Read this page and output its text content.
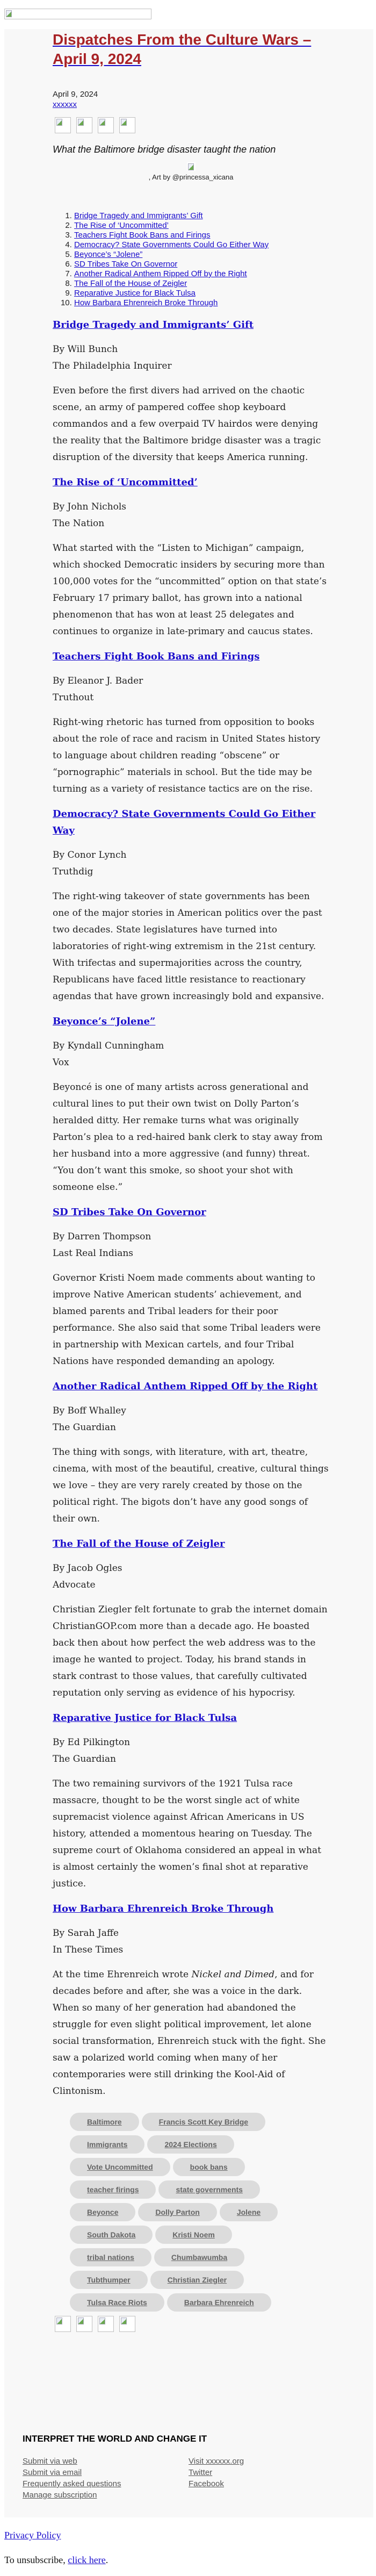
Dispatches From the Culture Wars – April 9, 2024
April 9, 2024
xxxxxx
What the Baltimore bridge disaster taught the nation
, Art by @princessa_xicana
1. Bridge Tragedy and Immigrants’ Gift
2. The Rise of ‘Uncommitted’
3. Teachers Fight Book Bans and Firings
4. Democracy? State Governments Could Go Either Way
5. Beyonce’s “Jolene”
6. SD Tribes Take On Governor
7. Another Radical Anthem Ripped Off by the Right
8. The Fall of the House of Zeigler
9. Reparative Justice for Black Tulsa
10. How Barbara Ehrenreich Broke Through
Bridge Tragedy and Immigrants’ Gift

By Will Bunch
The Philadelphia Inquirer

Even before the first divers had arrived on the chaotic scene, an army of pampered coffee shop keyboard commandos and a few overpaid TV hairdos were denying the reality that the Baltimore bridge disaster was a tragic disruption of the diversity that keeps America running.

The Rise of ‘Uncommitted’

By John Nichols
The Nation

What started with the “Listen to Michigan” campaign, which shocked Democratic insiders by securing more than 100,000 votes for the “uncommitted” option on that state’s February 17 primary ballot, has grown into a national phenomenon that has won at least 25 delegates and continues to organize in late-primary and caucus states.

Teachers Fight Book Bans and Firings

By Eleanor J. Bader
Truthout

Right-wing rhetoric has turned from opposition to books about the role of race and racism in United States history to language about children reading “obscene” or “pornographic” materials in school. But the tide may be turning as a variety of resistance tactics are on the rise.

Democracy? State Governments Could Go Either Way

By Conor Lynch
Truthdig

The right-wing takeover of state governments has been one of the major stories in American politics over the past two decades. State legislatures have turned into laboratories of right-wing extremism in the 21st century. With trifectas and supermajorities across the country, Republicans have faced little resistance to reactionary agendas that have grown increasingly bold and expansive.

Beyonce’s “Jolene”

By Kyndall Cunningham
Vox

Beyoncé is one of many artists across generational and cultural lines to put their own twist on Dolly Parton’s heralded ditty. Her remake turns what was originally Parton’s plea to a red-haired bank clerk to stay away from her husband into a more aggressive (and funny) threat. “You don’t want this smoke, so shoot your shot with someone else.”

SD Tribes Take On Governor

By Darren Thompson
Last Real Indians

Governor Kristi Noem made comments about wanting to improve Native American students’ achievement, and blamed parents and Tribal leaders for their poor performance. She also said that some Tribal leaders were in partnership with Mexican cartels, and four Tribal Nations have responded demanding an apology.

Another Radical Anthem Ripped Off by the Right

By Boff Whalley
The Guardian

The thing with songs, with literature, with art, theatre, cinema, with most of the beautiful, creative, cultural things we love – they are very rarely created by those on the political right. The bigots don’t have any good songs of their own.

The Fall of the House of Zeigler

By Jacob Ogles
Advocate

Christian Ziegler felt fortunate to grab the internet domain ChristianGOP.com more than a decade ago. He boasted back then about how perfect the web address was to the image he wanted to project. Today, his brand stands in stark contrast to those values, that carefully cultivated reputation only serving as evidence of his hypocrisy.

Reparative Justice for Black Tulsa

By Ed Pilkington
The Guardian

The two remaining survivors of the 1921 Tulsa race massacre, thought to be the worst single act of white supremacist violence against African Americans in US history, attended a momentous hearing on Tuesday. The supreme court of Oklahoma considered an appeal in what is almost certainly the women’s final shot at reparative justice.

How Barbara Ehrenreich Broke Through

By Sarah Jaffe
In These Times

At the time Ehrenreich wrote Nickel and Dimed, and for decades before and after, she was a voice in the dark. When so many of her generation had abandoned the struggle for even slight political improvement, let alone social transformation, Ehrenreich stuck with the fight. She saw a polarized world coming when many of her contemporaries were still drinking the Kool-Aid of Clintonism.

Baltimore	Francis Scott Key Bridge
Immigrants	2024 Elections
Vote Uncommitted	book bans
teacher firings	state governments
Beyonce	Dolly Parton	Jolene
South Dakota	Kristi Noem
tribal nations	Chumbawumba
Tubthumper	Christian Ziegler
Tulsa Race Riots	Barbara Ehrenreich
INTERPRET THE WORLD AND CHANGE IT
Submit via web
Submit via email
Frequently asked questions
Manage subscription
Visit xxxxxx.org
Twitter
Facebook
Privacy Policy
To unsubscribe, click here.
